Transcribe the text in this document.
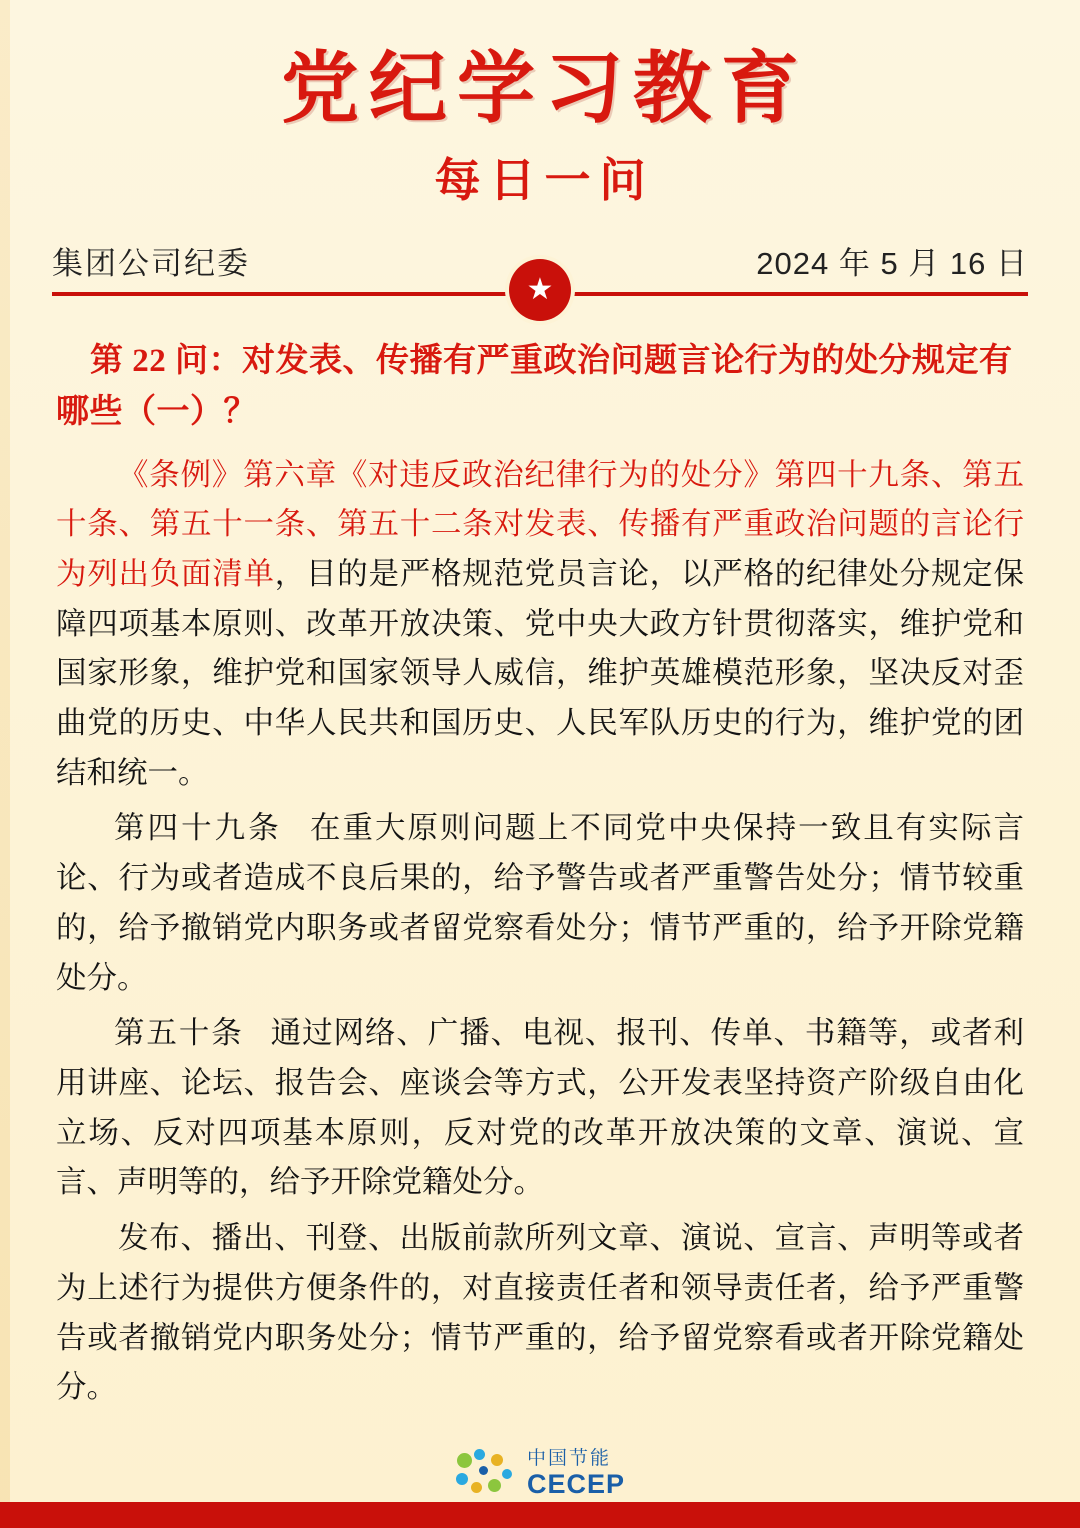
党纪学习教育
每日一问
集团公司纪委	2024 年 5 月 16 日
★

第 22 问：对发表、传播有严重政治问题言论行为的处分规定有哪些（一）？

《条例》第六章《对违反政治纪律行为的处分》第四十九条、第五十条、第五十一条、第五十二条对发表、传播有严重政治问题的言论行为列出负面清单，目的是严格规范党员言论，以严格的纪律处分规定保障四项基本原则、改革开放决策、党中央大政方针贯彻落实，维护党和国家形象，维护党和国家领导人威信，维护英雄模范形象，坚决反对歪曲党的历史、中华人民共和国历史、人民军队历史的行为，维护党的团结和统一。

第四十九条 在重大原则问题上不同党中央保持一致且有实际言论、行为或者造成不良后果的，给予警告或者严重警告处分；情节较重的，给予撤销党内职务或者留党察看处分；情节严重的，给予开除党籍处分。

第五十条 通过网络、广播、电视、报刊、传单、书籍等，或者利用讲座、论坛、报告会、座谈会等方式，公开发表坚持资产阶级自由化立场、反对四项基本原则，反对党的改革开放决策的文章、演说、宣言、声明等的，给予开除党籍处分。

发布、播出、刊登、出版前款所列文章、演说、宣言、声明等或者为上述行为提供方便条件的，对直接责任者和领导责任者，给予严重警告或者撤销党内职务处分；情节严重的，给予留党察看或者开除党籍处分。

中国节能
CECEP
